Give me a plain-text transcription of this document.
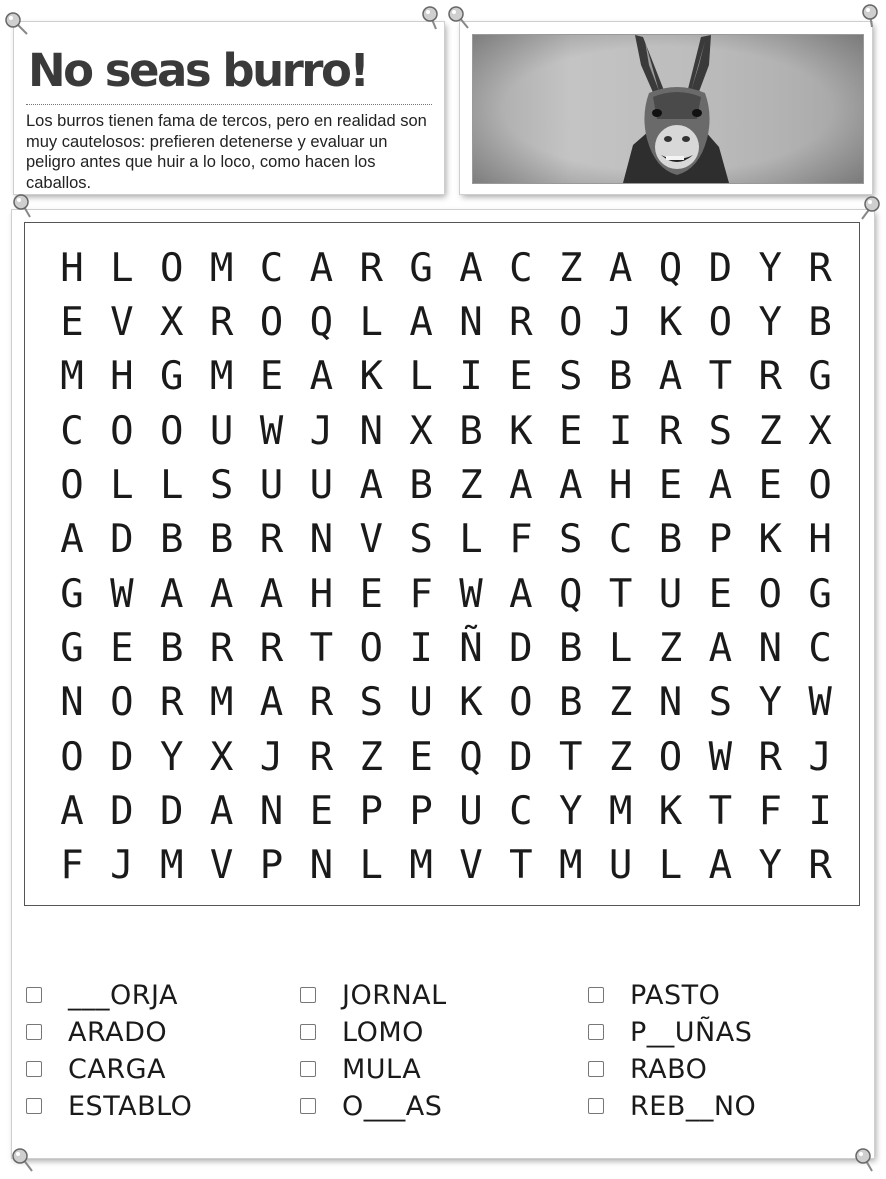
No seas burro!

Los burros tienen fama de tercos, pero en realidad son muy cautelosos: prefieren detenerse y evaluar un peligro antes que huir a lo loco, como hacen los caballos.

H L O M C A R G A C Z A Q D Y R
E V X R O Q L A N R O J K O Y B
M H G M E A K L I E S B A T R G
C O O U W J N X B K E I R S Z X
O L L S U U A B Z A A H E A E O
A D B B R N V S L F S C B P K H
G W A A A H E F W A Q T U E O G
G E B R R T O I Ñ D B L Z A N C
N O R M A R S U K O B Z N S Y W
O D Y X J R Z E Q D T Z O W R J
A D D A N E P P U C Y M K T F I
F J M V P N L M V T M U L A Y R
___ORJA
ARADO
CARGA
ESTABLO
JORNAL
LOMO
MULA
O___AS
PASTO
P__UÑAS
RABO
REB__NO
